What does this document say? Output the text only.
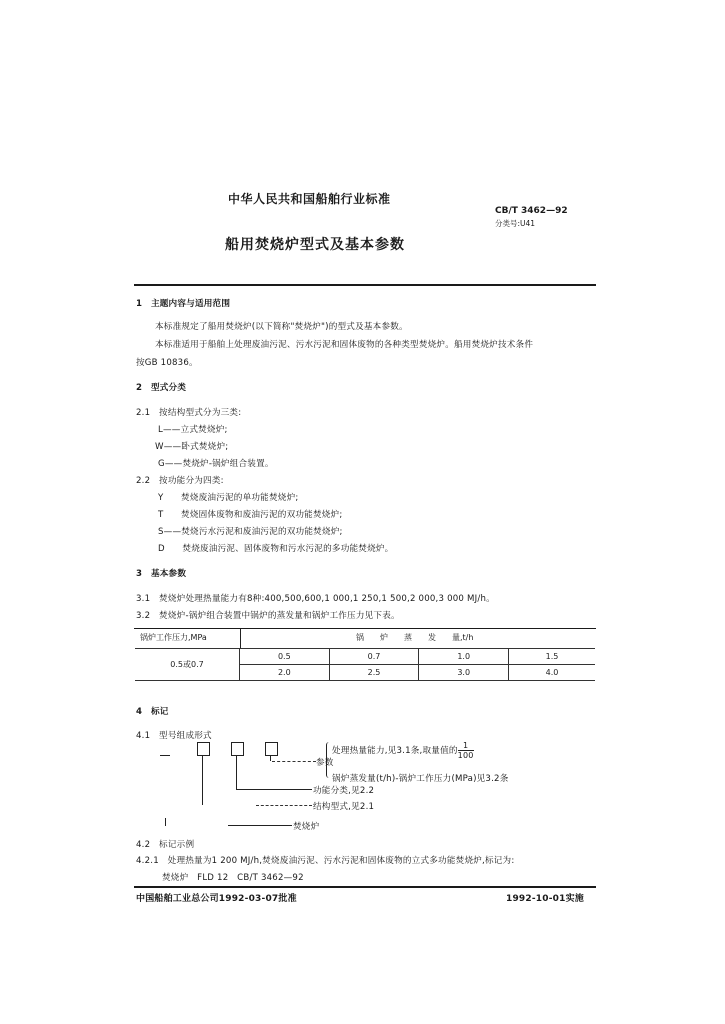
中华人民共和国船舶行业标准
CB/T 3462—92
分类号:U41
船用焚烧炉型式及基本参数
1　主题内容与适用范围
本标准规定了船用焚烧炉(以下简称"焚烧炉")的型式及基本参数。
本标准适用于船舶上处理废油污泥、污水污泥和固体废物的各种类型焚烧炉。船用焚烧炉技术条件
按GB 10836。
2　型式分类
2.1　按结构型式分为三类:
L——立式焚烧炉;
W——卧式焚烧炉;
G——焚烧炉-锅炉组合装置。
2.2　按功能分为四类:
Y　　焚烧废油污泥的单功能焚烧炉;
T　　焚烧固体废物和废油污泥的双功能焚烧炉;
S——焚烧污水污泥和废油污泥的双功能焚烧炉;
D　　焚烧废油污泥、固体废物和污水污泥的多功能焚烧炉。
3　基本参数
3.1　焚烧炉处理热量能力有8种:400,500,600,1 000,1 250,1 500,2 000,3 000 MJ/h。
3.2　焚烧炉-锅炉组合装置中锅炉的蒸发量和锅炉工作压力见下表。
锅炉工作压力,MPa	锅　　炉　　蒸　　发　　量,t/h
0.5或0.7	0.5	0.7	1.0	1.5
	2.0	2.5	3.0	4.0
4　标记
4.1　型号组成形式
参数
处理热量能力,见3.1条,取量值的 $\frac{1}{100}$
锅炉蒸发量(t/h)-锅炉工作压力(MPa)见3.2条
功能分类,见2.2
结构型式,见2.1
焚烧炉
4.2　标记示例
4.2.1　处理热量为1 200 MJ/h,焚烧废油污泥、污水污泥和固体废物的立式多功能焚烧炉,标记为:
焚烧炉　FLD 12　CB/T 3462—92
中国船舶工业总公司1992-03-07批准	1992-10-01实施
